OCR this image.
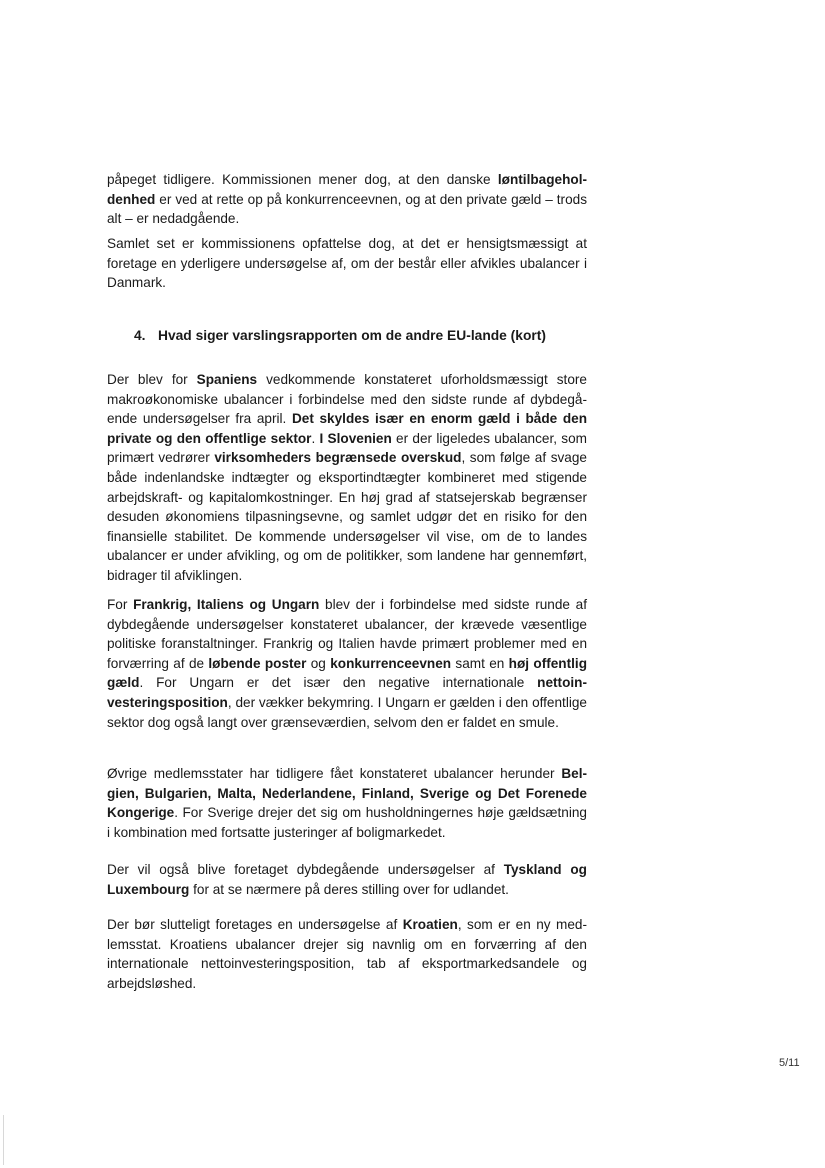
påpeget tidligere. Kommissionen mener dog, at den danske løntilbageholdenhed er ved at rette op på konkurrenceevnen, og at den private gæld – trods alt – er nedadgående.

Samlet set er kommissionens opfattelse dog, at det er hensigtsmæssigt at foretage en yderligere undersøgelse af, om der består eller afvikles ubalancer i Danmark.

4. Hvad siger varslingsrapporten om de andre EU-lande (kort)

Der blev for Spaniens vedkommende konstateret uforholdsmæssigt store makroøkonomiske ubalancer i forbindelse med den sidste runde af dybdegående undersøgelser fra april. Det skyldes især en enorm gæld i både den private og den offentlige sektor. I Slovenien er der ligeledes ubalancer, som primært vedrører virksomheders begrænsede overskud, som følge af svage både indenlandske indtægter og eksportindtægter kombineret med stigende arbejdskraft- og kapitalomkostninger. En høj grad af statsejerskab begrænser desuden økonomiens tilpasningsevne, og samlet udgør det en risiko for den finansielle stabilitet. De kommende undersøgelser vil vise, om de to landes ubalancer er under afvikling, og om de politikker, som landene har gennemført, bidrager til afviklingen.

For Frankrig, Italiens og Ungarn blev der i forbindelse med sidste runde af dybdegående undersøgelser konstateret ubalancer, der krævede væsentlige politiske foranstaltninger. Frankrig og Italien havde primært problemer med en forværring af de løbende poster og konkurrenceevnen samt en høj offentlig gæld. For Ungarn er det især den negative internationale nettoinvesteringsposition, der vækker bekymring. I Ungarn er gælden i den offentlige sektor dog også langt over grænseværdien, selvom den er faldet en smule.

Øvrige medlemsstater har tidligere fået konstateret ubalancer herunder Belgien, Bulgarien, Malta, Nederlandene, Finland, Sverige og Det Forenede Kongerige. For Sverige drejer det sig om husholdningernes høje gældsætning i kombination med fortsatte justeringer af boligmarkedet.

Der vil også blive foretaget dybdegående undersøgelser af Tyskland og Luxembourg for at se nærmere på deres stilling over for udlandet.

Der bør slutteligt foretages en undersøgelse af Kroatien, som er en ny medlemsstat. Kroatiens ubalancer drejer sig navnlig om en forværring af den internationale nettoinvesteringsposition, tab af eksportmarkedsandele og arbejdsløshed.

5/11
